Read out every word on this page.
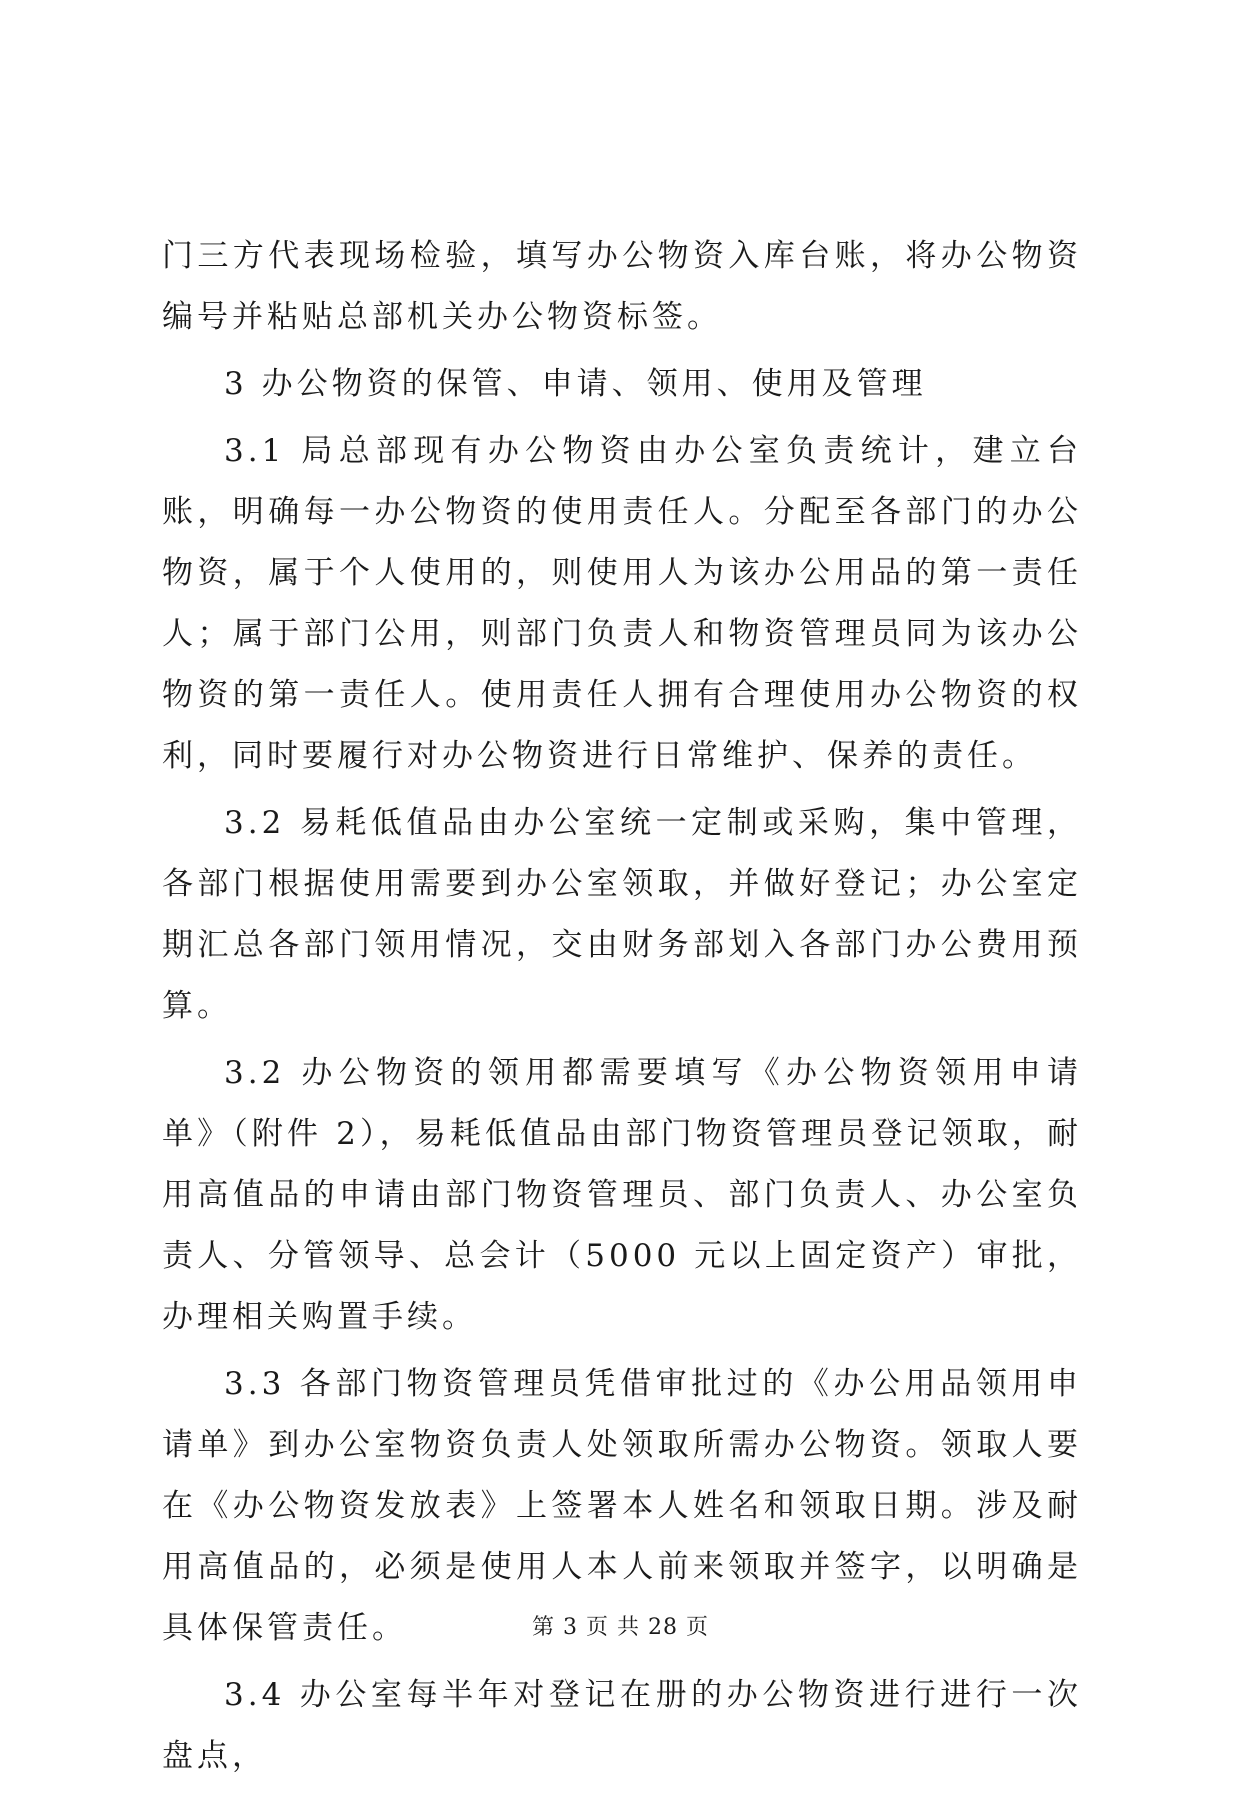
门三方代表现场检验，填写办公物资入库台账，将办公物资编号并粘贴总部机关办公物资标签。

3 办公物资的保管、申请、领用、使用及管理

3.1 局总部现有办公物资由办公室负责统计，建立台账，明确每一办公物资的使用责任人。分配至各部门的办公物资，属于个人使用的，则使用人为该办公用品的第一责任人；属于部门公用，则部门负责人和物资管理员同为该办公物资的第一责任人。使用责任人拥有合理使用办公物资的权利，同时要履行对办公物资进行日常维护、保养的责任。

3.2 易耗低值品由办公室统一定制或采购，集中管理，各部门根据使用需要到办公室领取，并做好登记；办公室定期汇总各部门领用情况，交由财务部划入各部门办公费用预算。

3.2 办公物资的领用都需要填写《办公物资领用申请单》（附件 2），易耗低值品由部门物资管理员登记领取，耐用高值品的申请由部门物资管理员、部门负责人、办公室负责人、分管领导、总会计（5000 元以上固定资产）审批，办理相关购置手续。

3.3 各部门物资管理员凭借审批过的《办公用品领用申请单》到办公室物资负责人处领取所需办公物资。领取人要在《办公物资发放表》上签署本人姓名和领取日期。涉及耐用高值品的，必须是使用人本人前来领取并签字，以明确是具体保管责任。

3.4 办公室每半年对登记在册的办公物资进行进行一次盘点，

第 3 页 共 28 页
